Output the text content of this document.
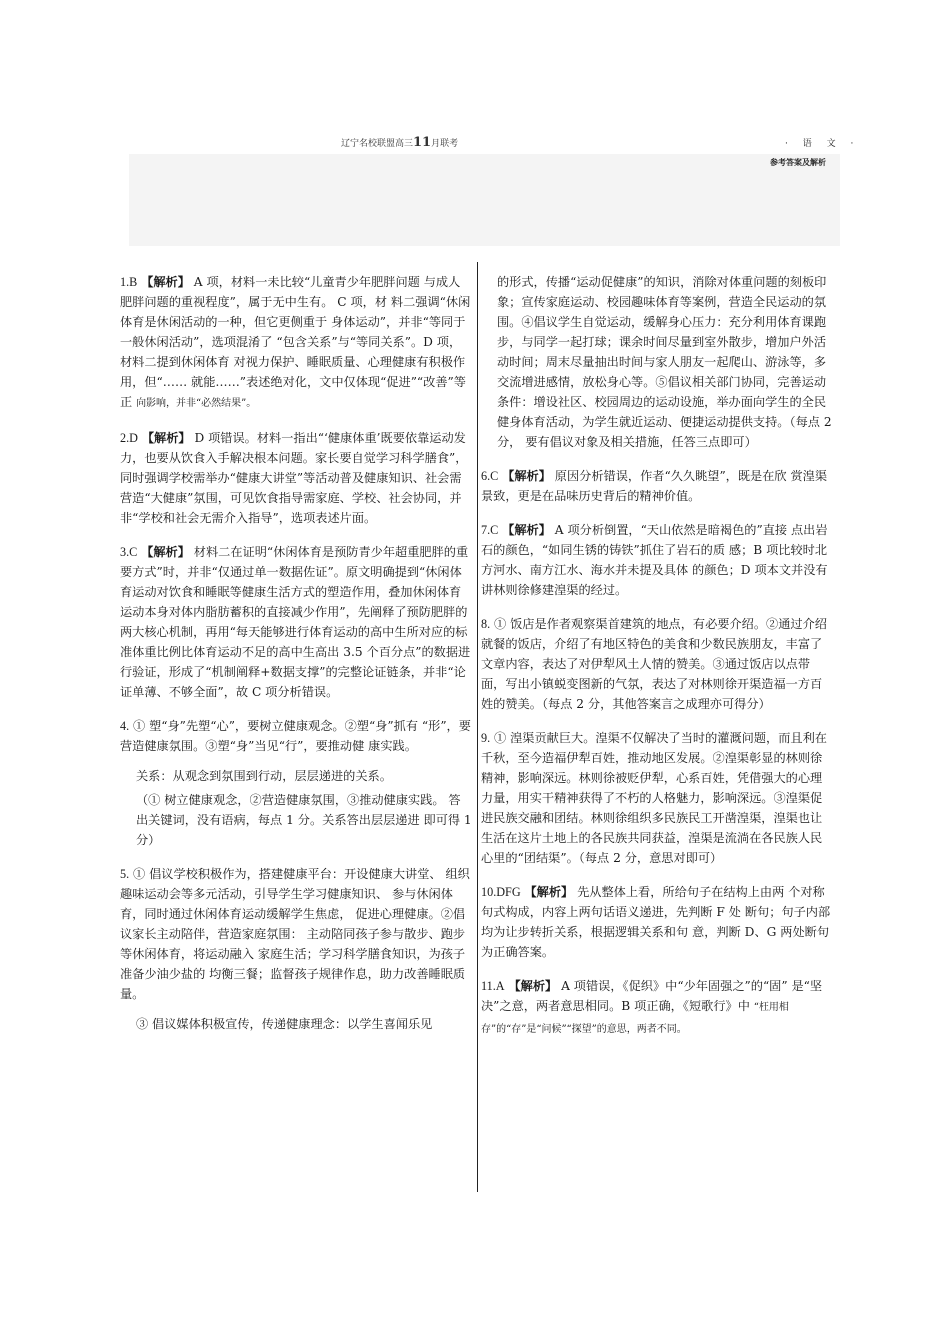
辽宁名校联盟高三11月联考	· 语 文 ·
参考答案及解析

1.B 【解析】 A 项，材料一未比较“儿童青少年肥胖问题 与成人肥胖问题的重视程度”，属于无中生有。 C 项，材 料二强调“休闲体育是休闲活动的一种，但它更侧重于 身体运动”，并非“等同于一般休闲活动”，选项混淆了 “包含关系”与“等同关系”。D 项，材料二提到休闲体育 对视力保护、睡眠质量、心理健康有积极作用，但“…… 就能……”表述绝对化，文中仅体现“促进”“改善”等正 向影响，并非“必然结果”。

2.D 【解析】 D 项错误。材料一指出“‘健康体重’既要依靠运动发力，也要从饮食入手解决根本问题。家长要自觉学习科学膳食”，同时强调学校需举办“健康大讲堂”等活动普及健康知识、社会需营造“大健康”氛围，可见饮食指导需家庭、学校、社会协同，并非“学校和社会无需介入指导”，选项表述片面。

3.C 【解析】 材料二在证明“休闲体育是预防青少年超重肥胖的重要方式”时，并非“仅通过单一数据佐证”。原文明确提到“休闲体育运动对饮食和睡眠等健康生活方式的塑造作用，叠加休闲体育运动本身对体内脂肪蓄积的直接减少作用”，先阐释了预防肥胖的两大核心机制，再用“每天能够进行体育运动的高中生所对应的标准体重比例比体育运动不足的高中生高出 3.5 个百分点”的数据进行验证，形成了“机制阐释+数据支撑”的完整论证链条，并非“论证单薄、不够全面”，故 C 项分析错误。

4. ① 塑“身”先塑“心”，要树立健康观念。②塑“身”抓有 “形”，要营造健康氛围。③塑“身”当见“行”，要推动健 康实践。

关系：从观念到氛围到行动，层层递进的关系。

（① 树立健康观念，②营造健康氛围，③推动健康实践。 答出关键词，没有语病，每点 1 分。关系答出层层递进 即可得 1 分）

5. ① 倡议学校积极作为，搭建健康平台：开设健康大讲堂、 组织趣味运动会等多元活动，引导学生学习健康知识、 参与休闲体育，同时通过休闲体育运动缓解学生焦虑， 促进心理健康。②倡议家长主动陪伴，营造家庭氛围： 主动陪同孩子参与散步、跑步等休闲体育，将运动融入 家庭生活；学习科学膳食知识，为孩子准备少油少盐的 均衡三餐；监督孩子规律作息，助力改善睡眠质量。

③ 倡议媒体积极宣传，传递健康理念：以学生喜闻乐见

的形式，传播“运动促健康”的知识，消除对体重问题的刻板印象；宣传家庭运动、校园趣味体育等案例，营造全民运动的氛围。④倡议学生自觉运动，缓解身心压力：充分利用体育课跑步，与同学一起打球；课余时间尽量到室外散步，增加户外活动时间；周末尽量抽出时间与家人朋友一起爬山、游泳等，多交流增进感情，放松身心等。⑤倡议相关部门协同，完善运动条件：增设社区、校园周边的运动设施，举办面向学生的全民健身体育活动，为学生就近运动、便捷运动提供支持。（每点 2 分， 要有倡议对象及相关措施，任答三点即可）

6.C 【解析】 原因分析错误，作者“久久眺望”，既是在欣 赏湟渠景致，更是在品味历史背后的精神价值。

7.C 【解析】 A 项分析倒置，“天山依然是暗褐色的”直接 点出岩石的颜色，“如同生锈的铸铁”抓住了岩石的质 感；B 项比较时北方河水、南方江水、海水并未提及具体 的颜色；D 项本文并没有讲林则徐修建湟渠的经过。

8. ① 饭店是作者观察渠首建筑的地点，有必要介绍。②通过介绍就餐的饭店，介绍了有地区特色的美食和少数民族朋友，丰富了文章内容，表达了对伊犁风土人情的赞美。③通过饭店以点带面，写出小镇蜕变图新的气氛，表达了对林则徐开渠造福一方百姓的赞美。（每点 2 分，其他答案言之成理亦可得分）

9. ① 湟渠贡献巨大。湟渠不仅解决了当时的灌溉问题，而且利在千秋，至今造福伊犁百姓，推动地区发展。②湟渠彰显的林则徐精神，影响深远。林则徐被贬伊犁，心系百姓，凭借强大的心理力量，用实干精神获得了不朽的人格魅力，影响深远。③湟渠促进民族交融和团结。林则徐组织多民族民工开凿湟渠，湟渠也让生活在这片土地上的各民族共同获益，湟渠是流淌在各民族人民心里的“团结渠”。（每点 2 分，意思对即可）

10.DFG 【解析】 先从整体上看，所给句子在结构上由两 个对称句式构成，内容上两句话语义递进，先判断 F 处 断句；句子内部均为让步转折关系，根据逻辑关系和句 意，判断 D、G 两处断句为正确答案。

11.A 【解析】 A 项错误，《促织》中“少年固强之”的“固” 是“坚决”之意，两者意思相同。B 项正确，《短歌行》中 “枉用相存”的“存”是“问候”“探望”的意思，两者不同。
